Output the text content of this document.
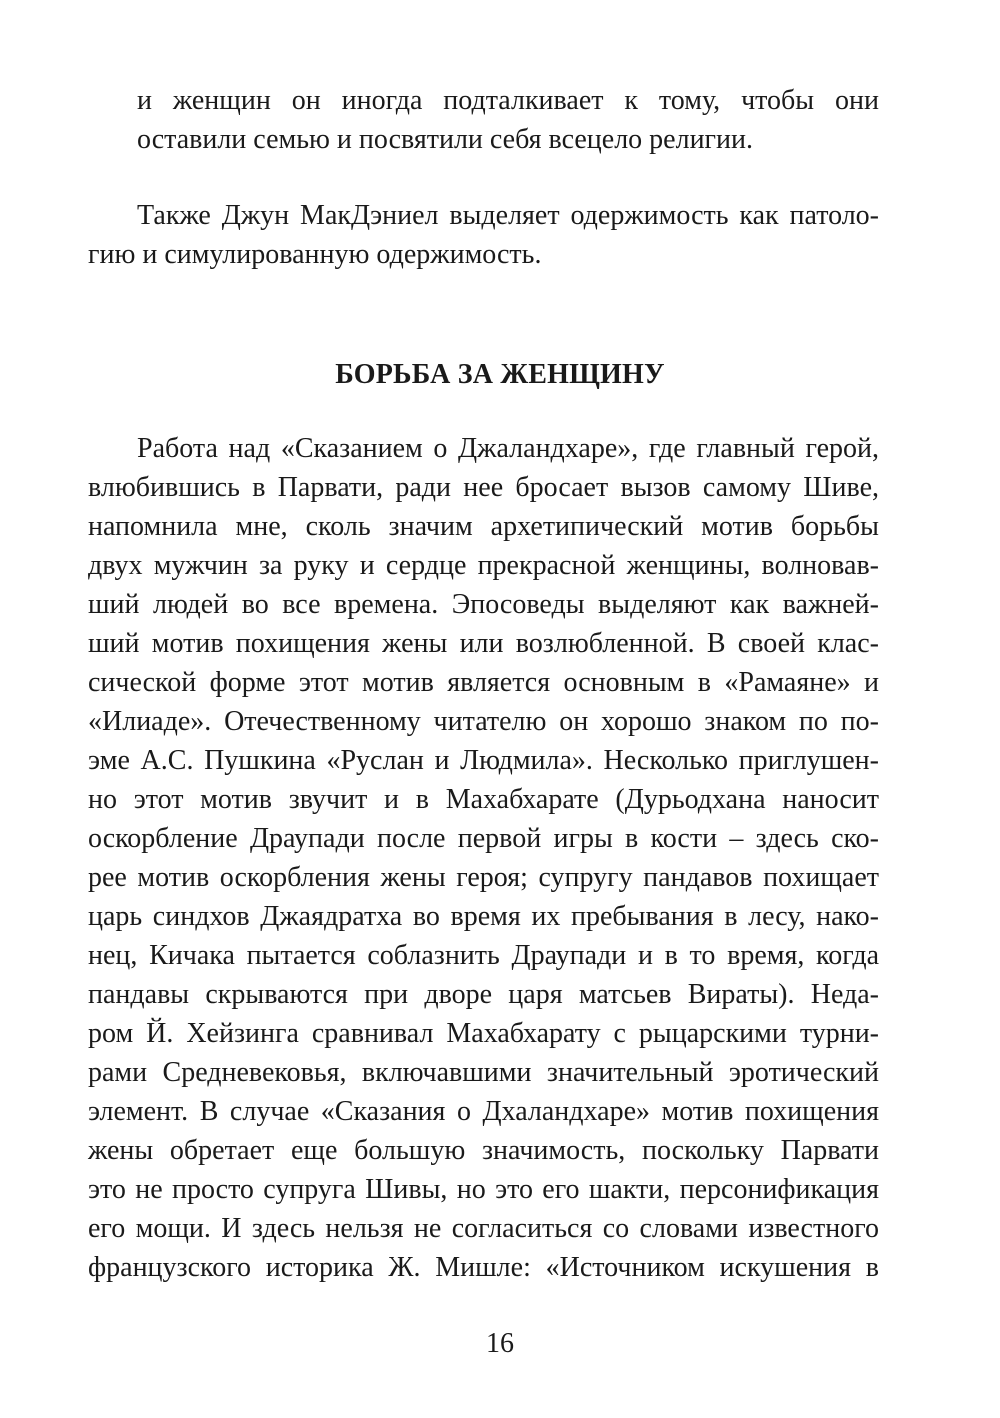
и женщин он иногда подталкивает к тому, чтобы они
оставили семью и посвятили себя всецело религии.
Также Джун МакДэниел выделяет одержимость как патоло-
гию и симулированную одержимость.
БОРЬБА ЗА ЖЕНЩИНУ
Работа над «Сказанием о Джаландхаре», где главный герой,
влюбившись в Парвати, ради нее бросает вызов самому Шиве,
напомнила мне, сколь значим архетипический мотив борьбы
двух мужчин за руку и сердце прекрасной женщины, волновав-
ший людей во все времена. Эпосоведы выделяют как важней-
ший мотив похищения жены или возлюбленной. В своей клас-
сической форме этот мотив является основным в «Рамаяне» и
«Илиаде». Отечественному читателю он хорошо знаком по по-
эме А.С. Пушкина «Руслан и Людмила». Несколько приглушен-
но этот мотив звучит и в Махабхарате (Дурьодхана наносит
оскорбление Драупади после первой игры в кости – здесь ско-
рее мотив оскорбления жены героя; супругу пандавов похищает
царь синдхов Джаядратха во время их пребывания в лесу, нако-
нец, Кичака пытается соблазнить Драупади и в то время, когда
пандавы скрываются при дворе царя матсьев Вираты). Неда-
ром Й. Хейзинга сравнивал Махабхарату с рыцарскими турни-
рами Средневековья, включавшими значительный эротический
элемент. В случае «Сказания о Дхаландхаре» мотив похищения
жены обретает еще большую значимость, поскольку Парвати
это не просто супруга Шивы, но это его шакти, персонификация
его мощи. И здесь нельзя не согласиться со словами известного
французского историка Ж. Мишле: «Источником искушения в
16
